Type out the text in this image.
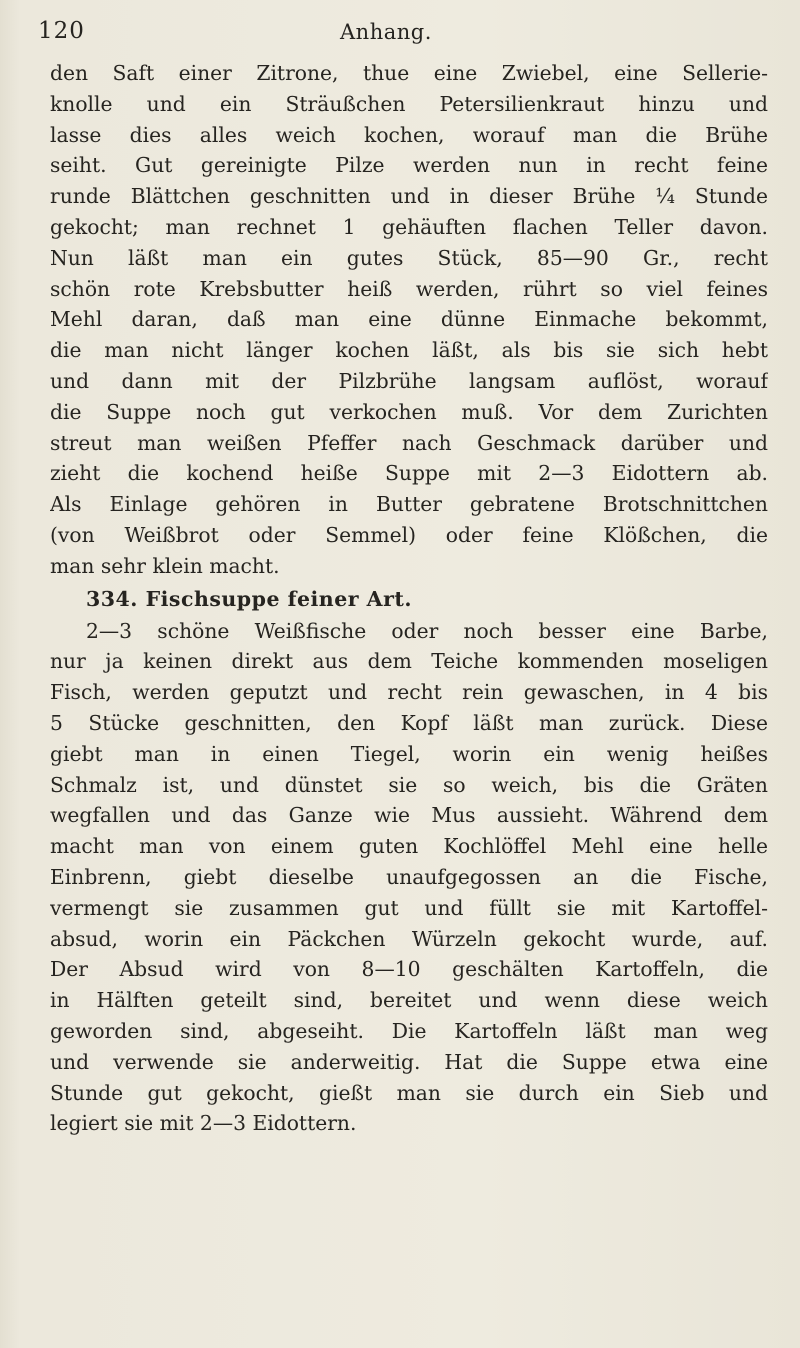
120	Anhang.
den Saft einer Zitrone, thue eine Zwiebel, eine Sellerie-
knolle und ein Sträußchen Petersilienkraut hinzu und
lasse dies alles weich kochen, worauf man die Brühe
seiht. Gut gereinigte Pilze werden nun in recht feine
runde Blättchen geschnitten und in dieser Brühe ¼ Stunde
gekocht; man rechnet 1 gehäuften flachen Teller davon.
Nun läßt man ein gutes Stück, 85—90 Gr., recht
schön rote Krebsbutter heiß werden, rührt so viel feines
Mehl daran, daß man eine dünne Einmache bekommt,
die man nicht länger kochen läßt, als bis sie sich hebt
und dann mit der Pilzbrühe langsam auflöst, worauf
die Suppe noch gut verkochen muß. Vor dem Zurichten
streut man weißen Pfeffer nach Geschmack darüber und
zieht die kochend heiße Suppe mit 2—3 Eidottern ab.
Als Einlage gehören in Butter gebratene Brotschnittchen
(von Weißbrot oder Semmel) oder feine Klößchen, die
man sehr klein macht.
334. Fischsuppe feiner Art.
2—3 schöne Weißfische oder noch besser eine Barbe,
nur ja keinen direkt aus dem Teiche kommenden moseligen
Fisch, werden geputzt und recht rein gewaschen, in 4 bis
5 Stücke geschnitten, den Kopf läßt man zurück. Diese
giebt man in einen Tiegel, worin ein wenig heißes
Schmalz ist, und dünstet sie so weich, bis die Gräten
wegfallen und das Ganze wie Mus aussieht. Während dem
macht man von einem guten Kochlöffel Mehl eine helle
Einbrenn, giebt dieselbe unaufgegossen an die Fische,
vermengt sie zusammen gut und füllt sie mit Kartoffel-
absud, worin ein Päckchen Würzeln gekocht wurde, auf.
Der Absud wird von 8—10 geschälten Kartoffeln, die
in Hälften geteilt sind, bereitet und wenn diese weich
geworden sind, abgeseiht. Die Kartoffeln läßt man weg
und verwende sie anderweitig. Hat die Suppe etwa eine
Stunde gut gekocht, gießt man sie durch ein Sieb und
legiert sie mit 2—3 Eidottern.
